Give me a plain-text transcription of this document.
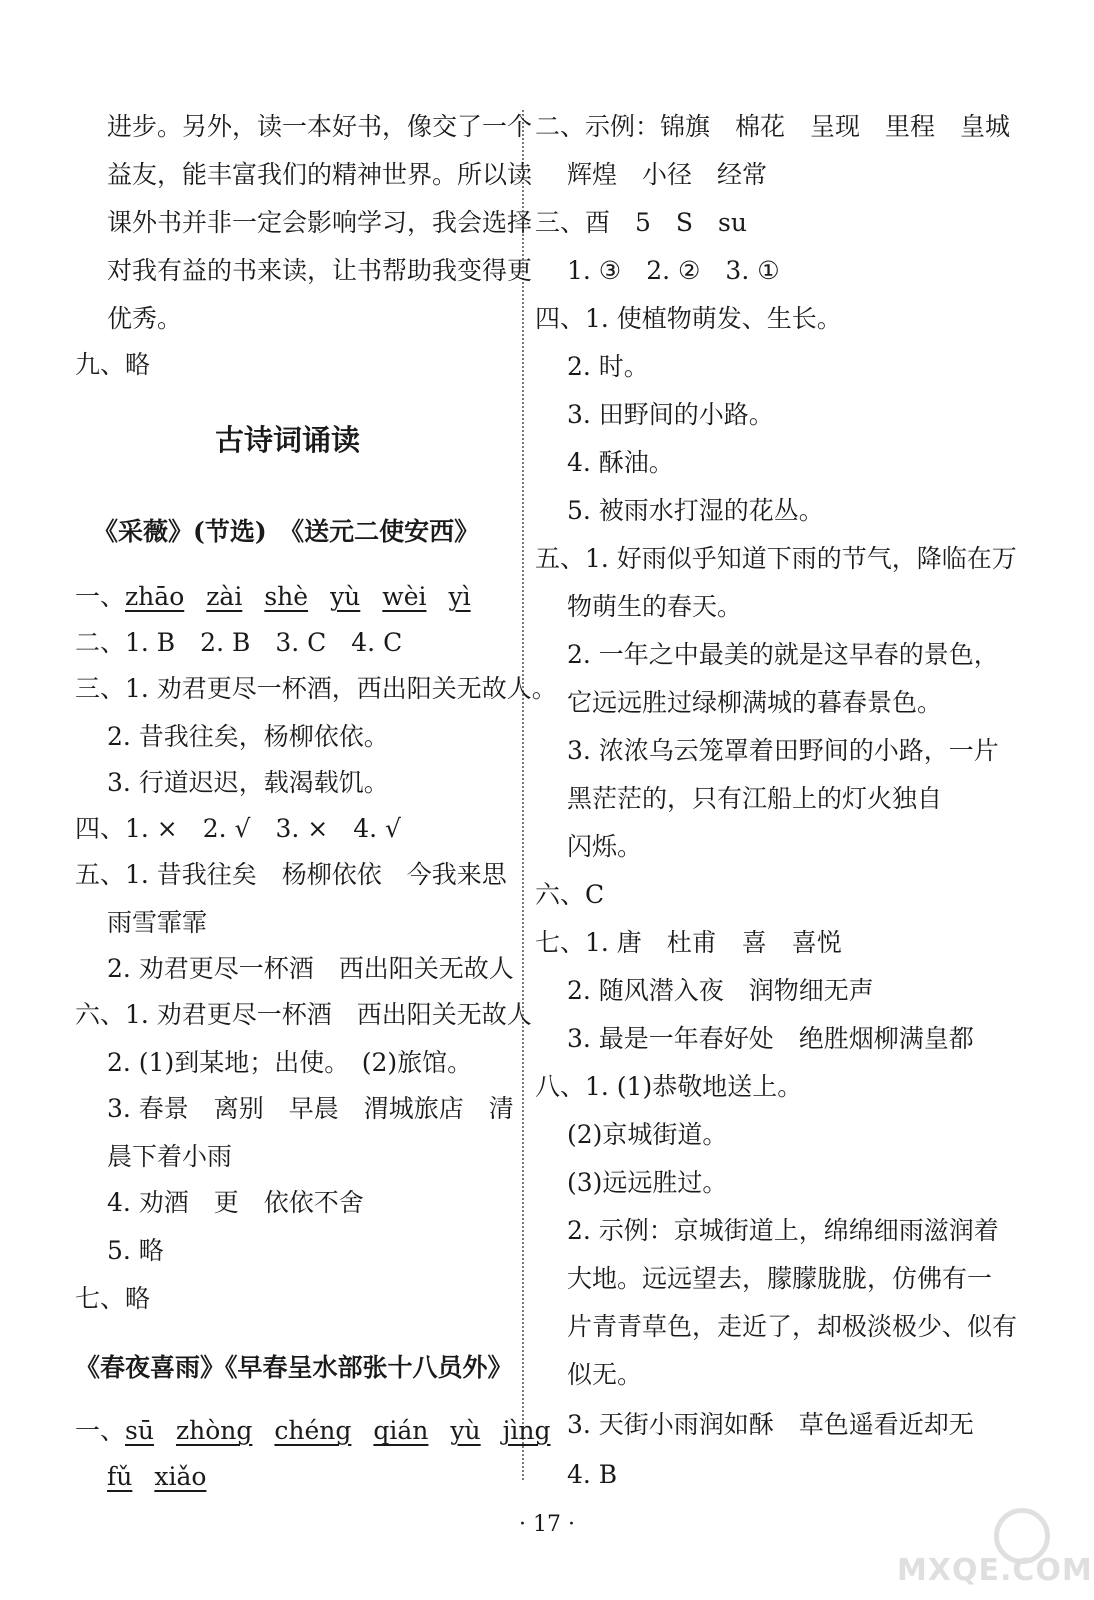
进步。另外，读一本好书，像交了一个
益友，能丰富我们的精神世界。所以读
课外书并非一定会影响学习，我会选择
对我有益的书来读，让书帮助我变得更
优秀。
九、略
古诗词诵读
《采薇》(节选)　《送元二使安西》
一、zhāo zài shè yù wèi yì
二、1. B　2. B　3. C　4. C
三、1. 劝君更尽一杯酒，西出阳关无故人。
2. 昔我往矣，杨柳依依。
3. 行道迟迟，载渴载饥。
四、1. ×　2. √　3. ×　4. √
五、1. 昔我往矣　杨柳依依　今我来思
雨雪霏霏
2. 劝君更尽一杯酒　西出阳关无故人
六、1. 劝君更尽一杯酒　西出阳关无故人
2. (1)到某地；出使。　(2)旅馆。
3. 春景　离别　早晨　渭城旅店　清
晨下着小雨
4. 劝酒　更　依依不舍
5. 略
七、略
《春夜喜雨》《早春呈水部张十八员外》
一、sū zhòng chéng qián yù jìng
fǔ xiǎo
二、示例：锦旗　棉花　呈现　里程　皇城
辉煌　小径　经常
三、酉　5　S　su
1. ③　2. ②　3. ①
四、1. 使植物萌发、生长。
2. 时。
3. 田野间的小路。
4. 酥油。
5. 被雨水打湿的花丛。
五、1. 好雨似乎知道下雨的节气，降临在万
物萌生的春天。
2. 一年之中最美的就是这早春的景色，
它远远胜过绿柳满城的暮春景色。
3. 浓浓乌云笼罩着田野间的小路，一片
黑茫茫的，只有江船上的灯火独自
闪烁。
六、C
七、1. 唐　杜甫　喜　喜悦
2. 随风潜入夜　润物细无声
3. 最是一年春好处　绝胜烟柳满皇都
八、1. (1)恭敬地送上。
(2)京城街道。
(3)远远胜过。
2. 示例：京城街道上，绵绵细雨滋润着
大地。远远望去，朦朦胧胧，仿佛有一
片青青草色，走近了，却极淡极少、似有
似无。
3. 天街小雨润如酥　草色遥看近却无
4. B
· 17 ·
MXQE.COM
